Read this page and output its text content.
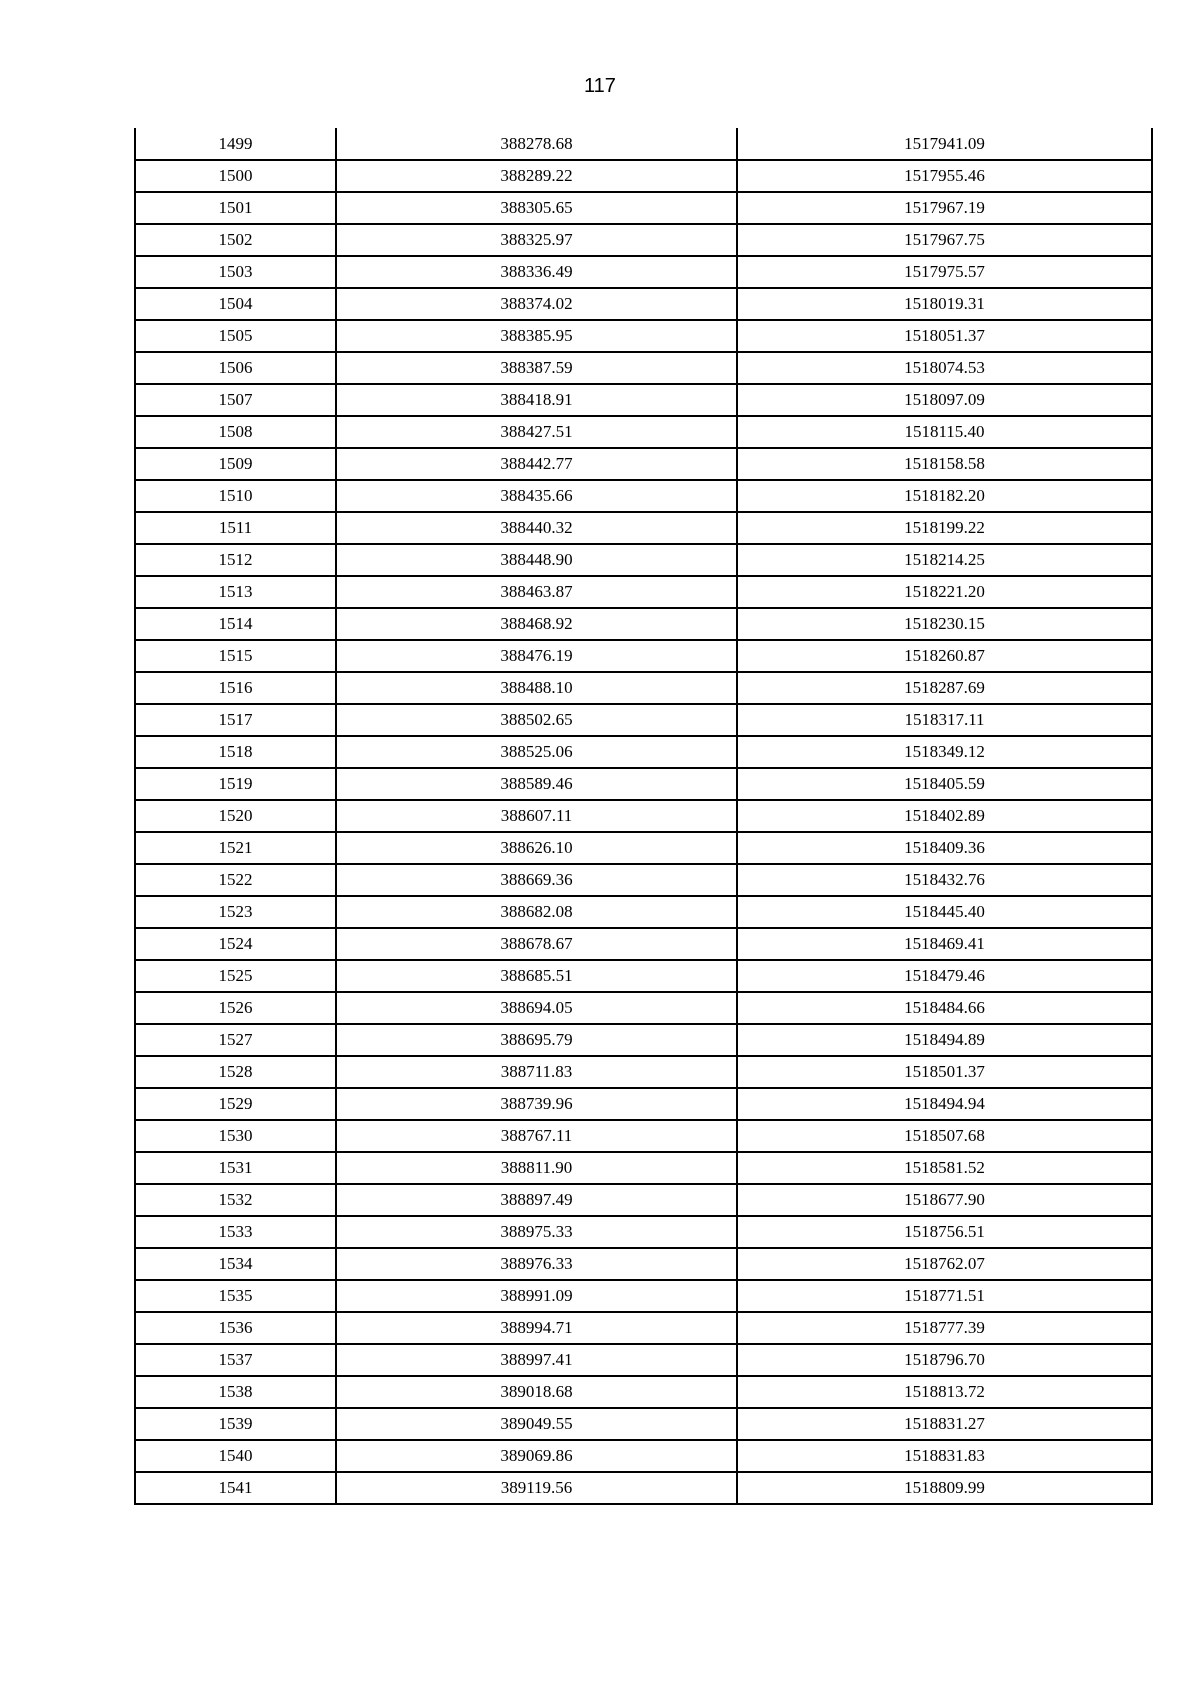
117
1499	388278.68	1517941.09
1500	388289.22	1517955.46
1501	388305.65	1517967.19
1502	388325.97	1517967.75
1503	388336.49	1517975.57
1504	388374.02	1518019.31
1505	388385.95	1518051.37
1506	388387.59	1518074.53
1507	388418.91	1518097.09
1508	388427.51	1518115.40
1509	388442.77	1518158.58
1510	388435.66	1518182.20
1511	388440.32	1518199.22
1512	388448.90	1518214.25
1513	388463.87	1518221.20
1514	388468.92	1518230.15
1515	388476.19	1518260.87
1516	388488.10	1518287.69
1517	388502.65	1518317.11
1518	388525.06	1518349.12
1519	388589.46	1518405.59
1520	388607.11	1518402.89
1521	388626.10	1518409.36
1522	388669.36	1518432.76
1523	388682.08	1518445.40
1524	388678.67	1518469.41
1525	388685.51	1518479.46
1526	388694.05	1518484.66
1527	388695.79	1518494.89
1528	388711.83	1518501.37
1529	388739.96	1518494.94
1530	388767.11	1518507.68
1531	388811.90	1518581.52
1532	388897.49	1518677.90
1533	388975.33	1518756.51
1534	388976.33	1518762.07
1535	388991.09	1518771.51
1536	388994.71	1518777.39
1537	388997.41	1518796.70
1538	389018.68	1518813.72
1539	389049.55	1518831.27
1540	389069.86	1518831.83
1541	389119.56	1518809.99
